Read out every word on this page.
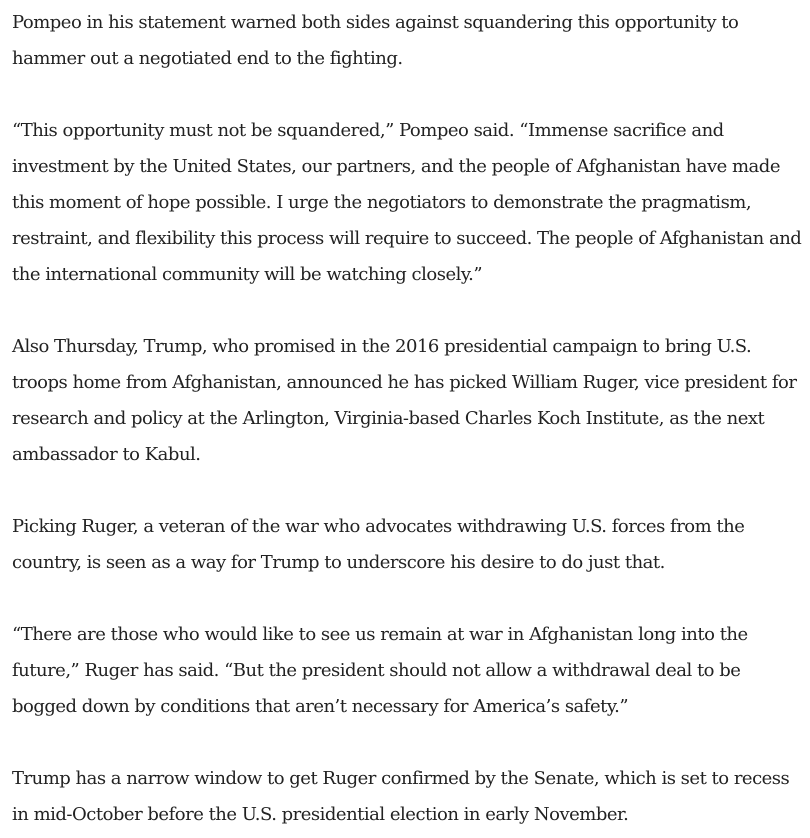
Pompeo in his statement warned both sides against squandering this opportunity to hammer out a negotiated end to the fighting.

“This opportunity must not be squandered,” Pompeo said. “Immense sacrifice and investment by the United States, our partners, and the people of Afghanistan have made this moment of hope possible. I urge the negotiators to demonstrate the pragmatism, restraint, and flexibility this process will require to succeed. The people of Afghanistan and the international community will be watching closely.”

Also Thursday, Trump, who promised in the 2016 presidential campaign to bring U.S. troops home from Afghanistan, announced he has picked William Ruger, vice president for research and policy at the Arlington, Virginia-based Charles Koch Institute, as the next ambassador to Kabul.

Picking Ruger, a veteran of the war who advocates withdrawing U.S. forces from the country, is seen as a way for Trump to underscore his desire to do just that.

“There are those who would like to see us remain at war in Afghanistan long into the future,” Ruger has said. “But the president should not allow a withdrawal deal to be bogged down by conditions that aren’t necessary for America’s safety.”

Trump has a narrow window to get Ruger confirmed by the Senate, which is set to recess in mid-October before the U.S. presidential election in early November.
